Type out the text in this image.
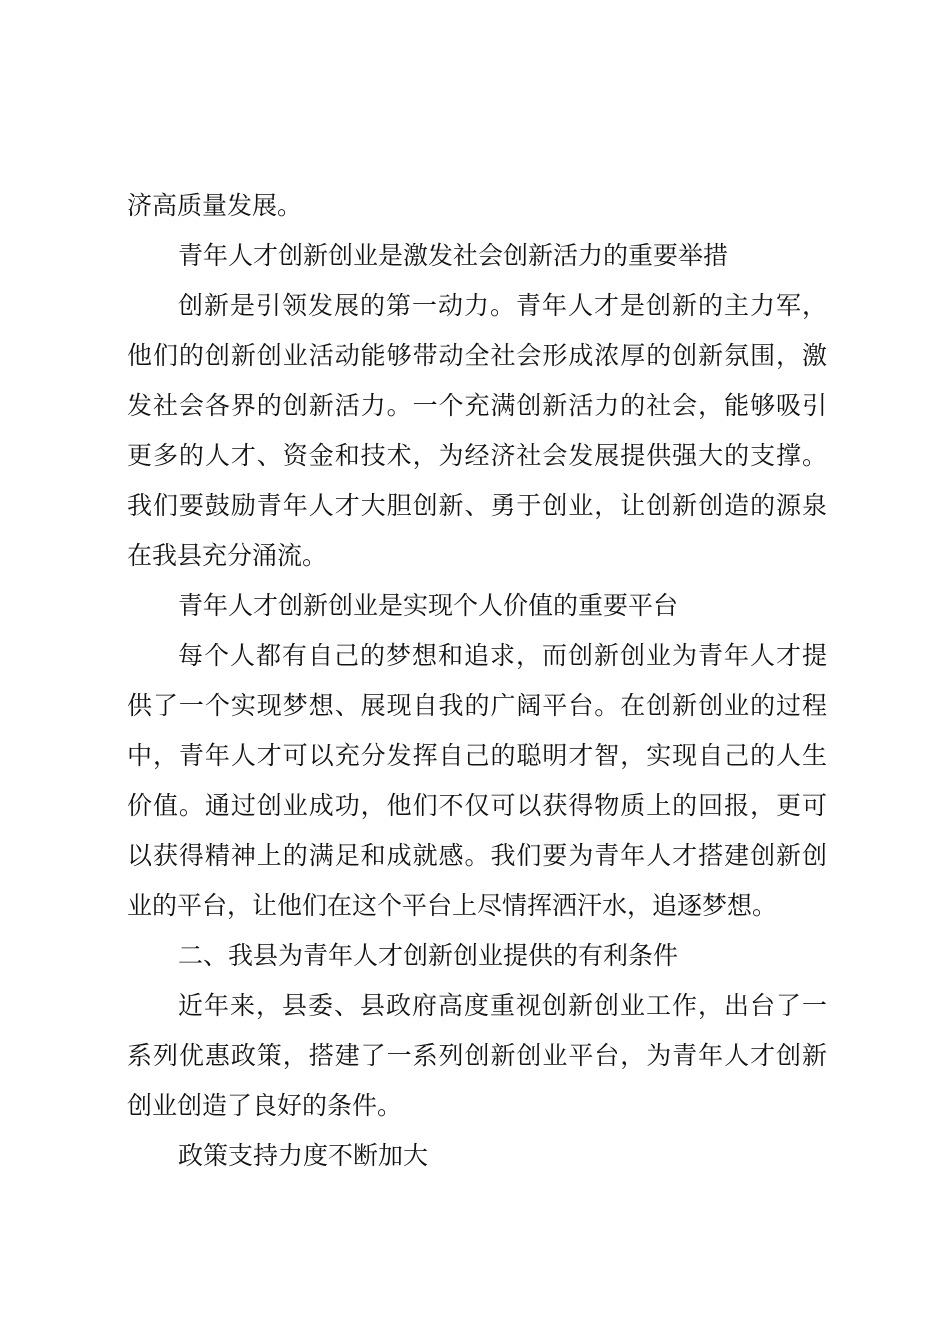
济高质量发展。
青年人才创新创业是激发社会创新活力的重要举措
创新是引领发展的第一动力。青年人才是创新的主力军，
他们的创新创业活动能够带动全社会形成浓厚的创新氛围，激
发社会各界的创新活力。一个充满创新活力的社会，能够吸引
更多的人才、资金和技术，为经济社会发展提供强大的支撑。
我们要鼓励青年人才大胆创新、勇于创业，让创新创造的源泉
在我县充分涌流。
青年人才创新创业是实现个人价值的重要平台
每个人都有自己的梦想和追求，而创新创业为青年人才提
供了一个实现梦想、展现自我的广阔平台。在创新创业的过程
中，青年人才可以充分发挥自己的聪明才智，实现自己的人生
价值。通过创业成功，他们不仅可以获得物质上的回报，更可
以获得精神上的满足和成就感。我们要为青年人才搭建创新创
业的平台，让他们在这个平台上尽情挥洒汗水，追逐梦想。
二、我县为青年人才创新创业提供的有利条件
近年来，县委、县政府高度重视创新创业工作，出台了一
系列优惠政策，搭建了一系列创新创业平台，为青年人才创新
创业创造了良好的条件。
政策支持力度不断加大
